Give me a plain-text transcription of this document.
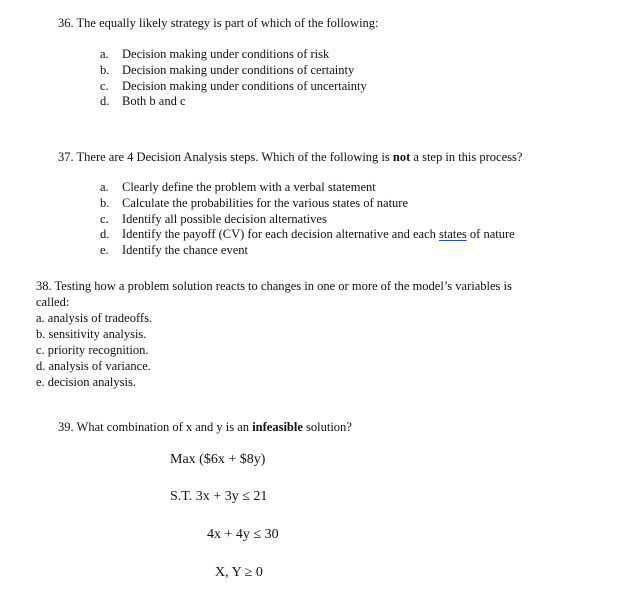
36. The equally likely strategy is part of which of the following:
a. Decision making under conditions of risk
b. Decision making under conditions of certainty
c. Decision making under conditions of uncertainty
d. Both b and c
37. There are 4 Decision Analysis steps. Which of the following is not a step in this process?
a. Clearly define the problem with a verbal statement
b. Calculate the probabilities for the various states of nature
c. Identify all possible decision alternatives
d. Identify the payoff (CV) for each decision alternative and each states of nature
e. Identify the chance event
38. Testing how a problem solution reacts to changes in one or more of the model’s variables is
called:
a. analysis of tradeoffs.
b. sensitivity analysis.
c. priority recognition.
d. analysis of variance.
e. decision analysis.
39. What combination of x and y is an infeasible solution?
Max ($6x + $8y)
S.T. 3x + 3y ≤ 21
4x + 4y ≤ 30
X, Y ≥ 0
